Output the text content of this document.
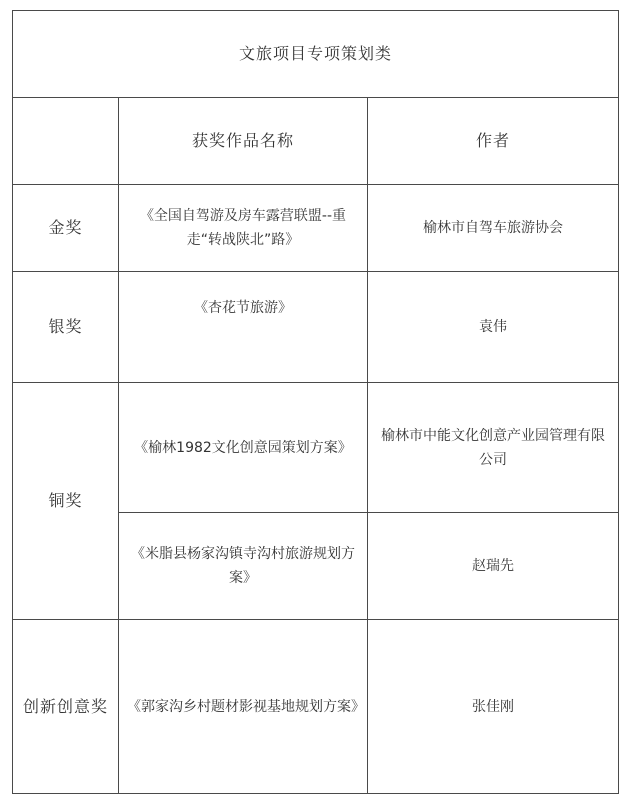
文旅项目专项策划类		
	获奖作品名称	作者
金奖	《全国自驾游及房车露营联盟--重走“转战陕北”路》	榆林市自驾车旅游协会
银奖	《杏花节旅游》	袁伟
铜奖	《榆林1982文化创意园策划方案》	榆林市中能文化创意产业园管理有限公司
	《米脂县杨家沟镇寺沟村旅游规划方案》	赵瑞先
创新创意奖	《郭家沟乡村题材影视基地规划方案》	张佳刚
